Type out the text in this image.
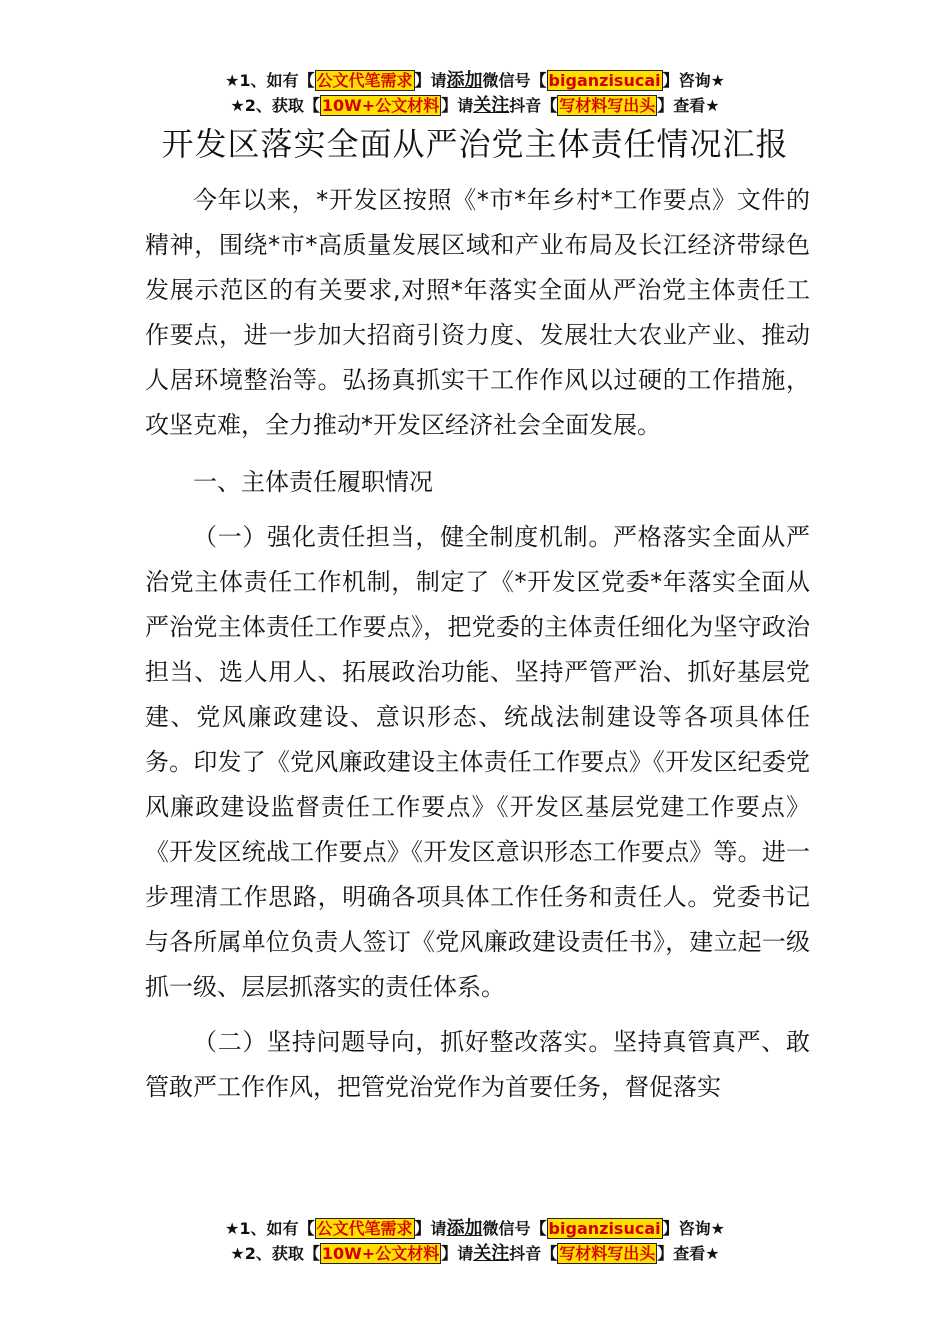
★1、如有【 公文代笔需求 】请添加微信号【 biganzisucai 】咨询★
★2、获取【 10W+公文材料 】请关注抖音【 写材料写出头 】查看★
开发区落实全面从严治党主体责任情况汇报

今年以来，*开发区按照《*市*年乡村*工作要点》文件的精神，围绕*市*高质量发展区域和产业布局及长江经济带绿色发展示范区的有关要求,对照*年落实全面从严治党主体责任工作要点，进一步加大招商引资力度、发展壮大农业产业、推动人居环境整治等。弘扬真抓实干工作作风以过硬的工作措施，攻坚克难，全力推动*开发区经济社会全面发展。

一、主体责任履职情况

（一）强化责任担当，健全制度机制。严格落实全面从严治党主体责任工作机制，制定了《*开发区党委*年落实全面从严治党主体责任工作要点》，把党委的主体责任细化为坚守政治担当、选人用人、拓展政治功能、坚持严管严治、抓好基层党建、党风廉政建设、意识形态、统战法制建设等各项具体任务。印发了《党风廉政建设主体责任工作要点》《开发区纪委党风廉政建设监督责任工作要点》《开发区基层党建工作要点》《开发区统战工作要点》《开发区意识形态工作要点》等。进一步理清工作思路，明确各项具体工作任务和责任人。党委书记与各所属单位负责人签订《党风廉政建设责任书》，建立起一级抓一级、层层抓落实的责任体系。

（二）坚持问题导向，抓好整改落实。坚持真管真严、敢管敢严工作作风，把管党治党作为首要任务，督促落实

★1、如有【 公文代笔需求 】请添加微信号【 biganzisucai 】咨询★
★2、获取【 10W+公文材料 】请关注抖音【 写材料写出头 】查看★
